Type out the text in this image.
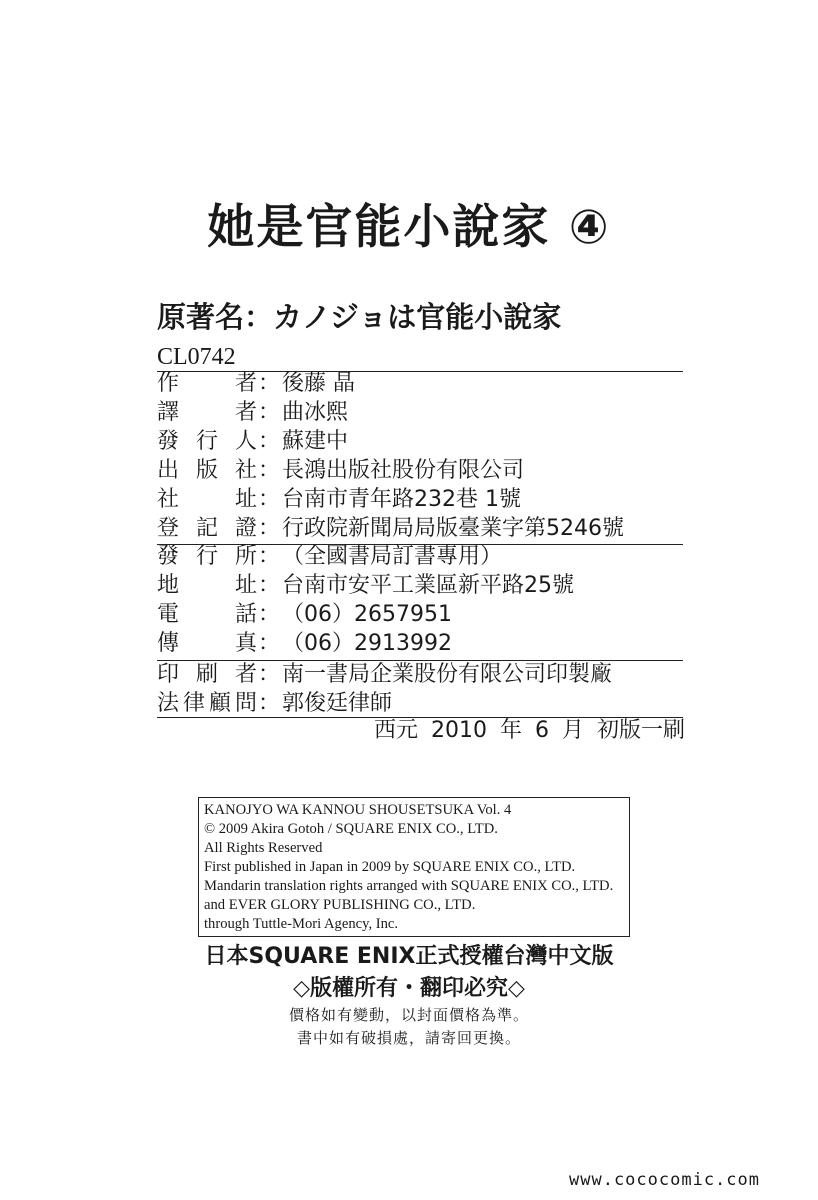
她是官能小說家 ④
原著名：カノジョは官能小說家
CL0742
作	者 ： 後藤 晶
譯	者 ： 曲冰熙
發 行 人 ： 蘇建中
出 版 社 ： 長鴻出版社股份有限公司
社	址 ： 台南市青年路232巷 1號
登 記 證 ： 行政院新聞局局版臺業字第5246號
發 行 所 ： （全國書局訂書專用）
地	址 ： 台南市安平工業區新平路25號
電	話 ： （06）2657951
傳	真 ： （06）2913992
印 刷 者 ： 南一書局企業股份有限公司印製廠
法 律 顧 問 ： 郭俊廷律師
西元 2010 年 6 月 初版一刷
KANOJYO WA KANNOU SHOUSETSUKA Vol. 4
© 2009 Akira Gotoh / SQUARE ENIX CO., LTD.
All Rights Reserved
First published in Japan in 2009 by SQUARE ENIX CO., LTD.
Mandarin translation rights arranged with SQUARE ENIX CO., LTD.
and EVER GLORY PUBLISHING CO., LTD.
through Tuttle-Mori Agency, Inc.
日本SQUARE ENIX正式授權台灣中文版
◇版權所有・翻印必究◇
價格如有變動，以封面價格為準。
書中如有破損處，請寄回更換。
www.cococomic.com
